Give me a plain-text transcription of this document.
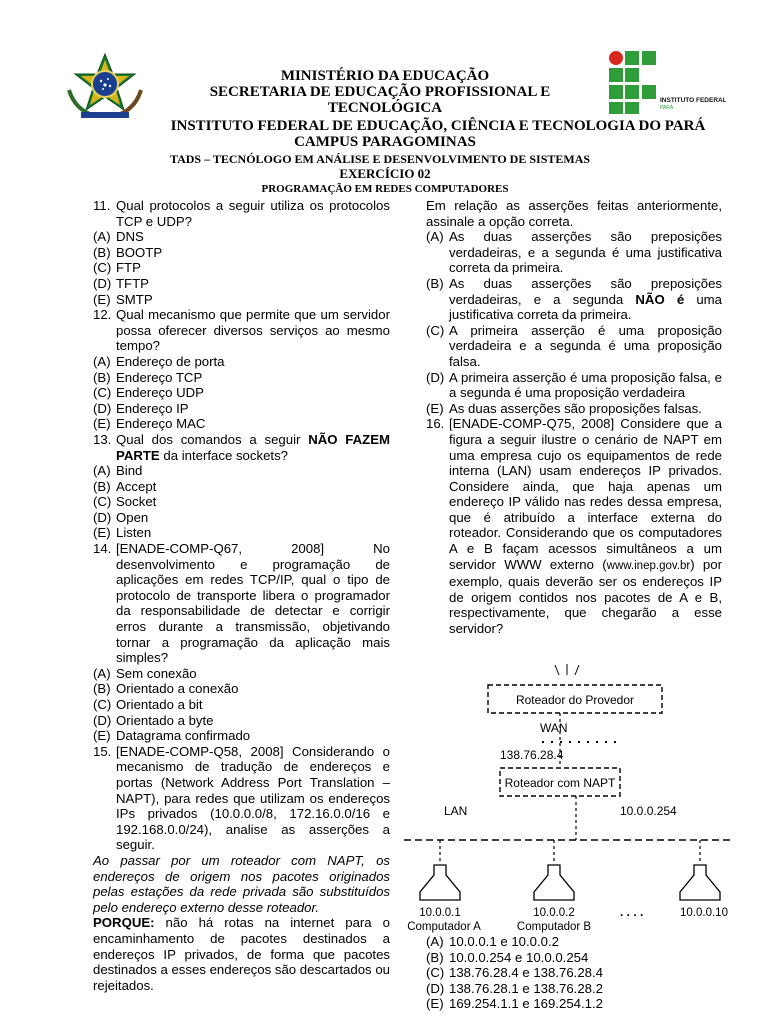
MINISTÉRIO DA EDUCAÇÃO
SECRETARIA DE EDUCAÇÃO PROFISSIONAL E
TECNOLÓGICA
INSTITUTO FEDERAL DE EDUCAÇÃO, CIÊNCIA E TECNOLOGIA DO PARÁ
CAMPUS PARAGOMINAS
TADS – TECNÓLOGO EM ANÁLISE E DESENVOLVIMENTO DE SISTEMAS
EXERCÍCIO 02
PROGRAMAÇÃO EM REDES COMPUTADORES
INSTITUTO FEDERAL
PARÁ
11. Qual protocolos a seguir utiliza os protocolos TCP e UDP?
(A) DNS
(B) BOOTP
(C) FTP
(D) TFTP
(E) SMTP
12. Qual mecanismo que permite que um servidor possa oferecer diversos serviços ao mesmo tempo?
(A) Endereço de porta
(B) Endereço TCP
(C) Endereço UDP
(D) Endereço IP
(E) Endereço MAC
13. Qual dos comandos a seguir NÃO FAZEM PARTE da interface sockets?
(A) Bind
(B) Accept
(C) Socket
(D) Open
(E) Listen
14. [ENADE-COMP-Q67, 2008] No desenvolvimento e programação de aplicações em redes TCP/IP, qual o tipo de protocolo de transporte libera o programador da responsabilidade de detectar e corrigir erros durante a transmissão, objetivando tornar a programação da aplicação mais simples?
(A) Sem conexão
(B) Orientado a conexão
(C) Orientado a bit
(D) Orientado a byte
(E) Datagrama confirmado
15. [ENADE-COMP-Q58, 2008] Considerando o mecanismo de tradução de endereços e portas (Network Address Port Translation – NAPT), para redes que utilizam os endereços IPs privados (10.0.0.0/8, 172.16.0.0/16 e 192.168.0.0/24), analise as asserções a seguir.
Ao passar por um roteador com NAPT, os endereços de origem nos pacotes originados pelas estações da rede privada são substituídos pelo endereço externo desse roteador.
PORQUE: não há rotas na internet para o encaminhamento de pacotes destinados a endereços IP privados, de forma que pacotes destinados a esses endereços são descartados ou rejeitados.
Em relação as asserções feitas anteriormente, assinale a opção correta.
(A) As duas asserções são preposições verdadeiras, e a segunda é uma justificativa correta da primeira.
(B) As duas asserções são preposições verdadeiras, e a segunda NÃO é uma justificativa correta da primeira.
(C) A primeira asserção é uma proposição verdadeira e a segunda é uma proposição falsa.
(D) A primeira asserção é uma proposição falsa, e a segunda é uma proposição verdadeira
(E) As duas asserções são proposições falsas.
16. [ENADE-COMP-Q75, 2008] Considere que a figura a seguir ilustre o cenário de NAPT em uma empresa cujo os equipamentos de rede interna (LAN) usam endereços IP privados. Considere ainda, que haja apenas um endereço IP válido nas redes dessa empresa, que é atribuído a interface externa do roteador. Considerando que os computadores A e B façam acessos simultâneos a um servidor WWW externo (www.inep.gov.br) por exemplo, quais deverão ser os endereços IP de origem contidos nos pacotes de A e B, respectivamente, que chegarão a esse servidor?
Roteador do Provedor
WAN
138.76.28.4
Roteador com NAPT
LAN	10.0.0.254
10.0.0.1
Computador A
10.0.0.2
Computador B
. . . .	10.0.0.10
(A) 10.0.0.1 e 10.0.0.2
(B) 10.0.0.254 e 10.0.0.254
(C) 138.76.28.4 e 138.76.28.4
(D) 138.76.28.1 e 138.76.28.2
(E) 169.254.1.1 e 169.254.1.2
